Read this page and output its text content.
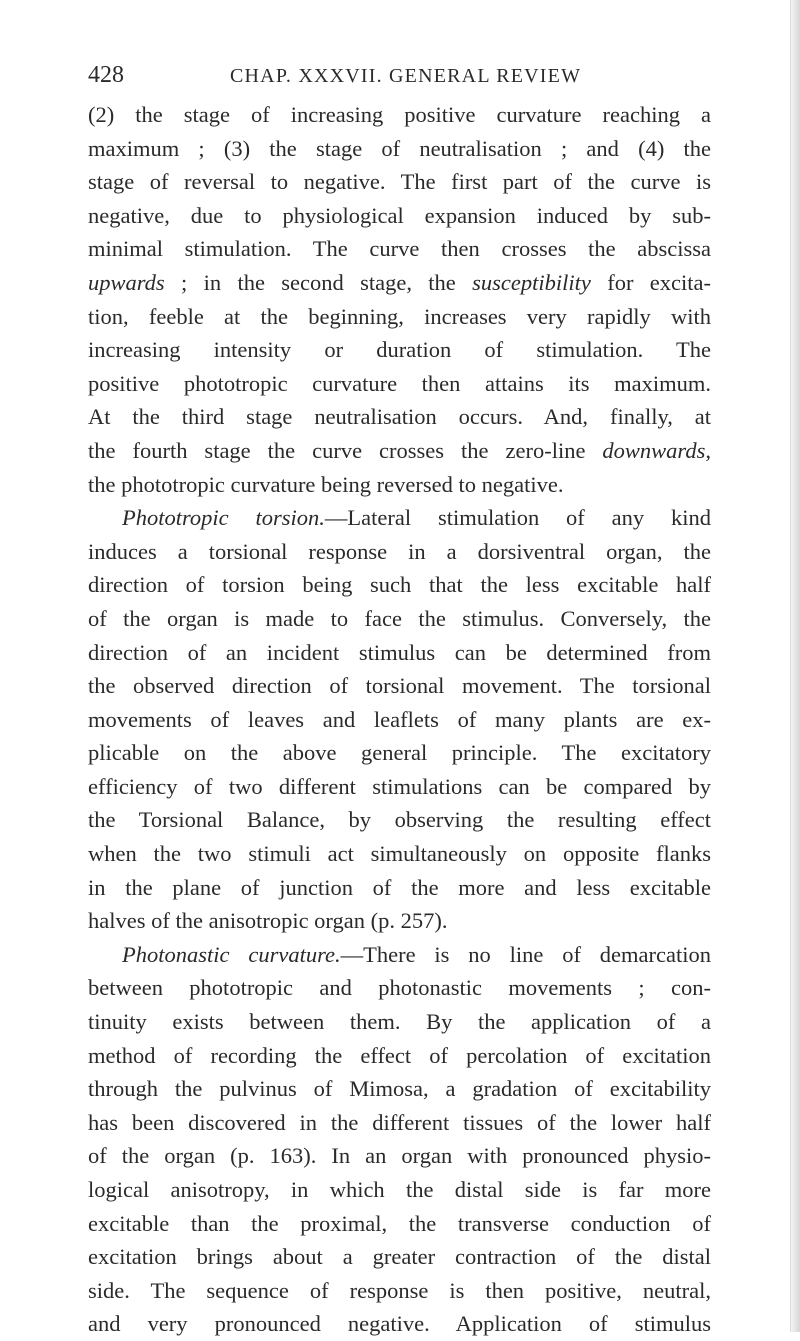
428	CHAP. XXXVII. GENERAL REVIEW
(2) the stage of increasing positive curvature reaching a
maximum ; (3) the stage of neutralisation ; and (4) the
stage of reversal to negative. The first part of the curve is
negative, due to physiological expansion induced by sub-
minimal stimulation. The curve then crosses the abscissa
upwards ; in the second stage, the susceptibility for excita-
tion, feeble at the beginning, increases very rapidly with
increasing intensity or duration of stimulation. The
positive phototropic curvature then attains its maximum.
At the third stage neutralisation occurs. And, finally, at
the fourth stage the curve crosses the zero-line downwards,
the phototropic curvature being reversed to negative.
Phototropic torsion.—Lateral stimulation of any kind
induces a torsional response in a dorsiventral organ, the
direction of torsion being such that the less excitable half
of the organ is made to face the stimulus. Conversely, the
direction of an incident stimulus can be determined from
the observed direction of torsional movement. The torsional
movements of leaves and leaflets of many plants are ex-
plicable on the above general principle. The excitatory
efficiency of two different stimulations can be compared by
the Torsional Balance, by observing the resulting effect
when the two stimuli act simultaneously on opposite flanks
in the plane of junction of the more and less excitable
halves of the anisotropic organ (p. 257).
Photonastic curvature.—There is no line of demarcation
between phototropic and photonastic movements ; con-
tinuity exists between them. By the application of a
method of recording the effect of percolation of excitation
through the pulvinus of Mimosa, a gradation of excitability
has been discovered in the different tissues of the lower half
of the organ (p. 163). In an organ with pronounced physio-
logical anisotropy, in which the distal side is far more
excitable than the proximal, the transverse conduction of
excitation brings about a greater contraction of the distal
side. The sequence of response is then positive, neutral,
and very pronounced negative. Application of stimulus
